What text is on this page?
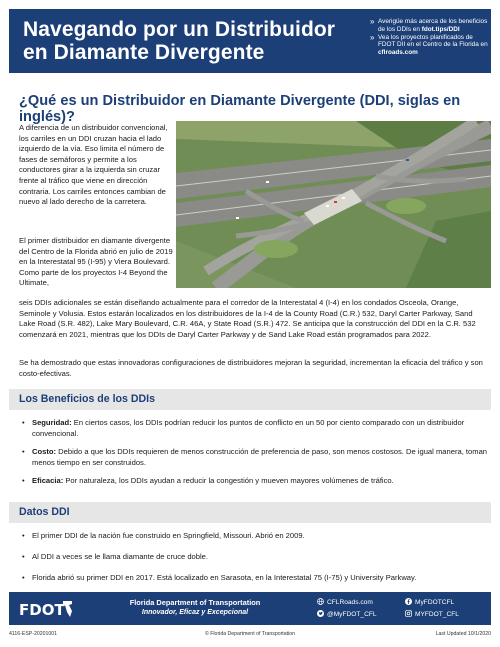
Navegando por un Distribuidor
en Diamante Divergente
» Averigüe más acerca de los beneficios de los DDIs en fdot.tips/DDI
» Vea los proyectos planificados de FDOT DII en el Centro de la Florida en cflroads.com
¿Qué es un Distribuidor en Diamante Divergente (DDI, siglas en inglés)?

A diferencia de un distribuidor convencional, los carriles en un DDI cruzan hacia el lado izquierdo de la vía. Eso limita el número de fases de semáforos y permite a los conductores girar a la izquierda sin cruzar frente al tráfico que viene en dirección contraria. Los carriles entonces cambian de nuevo al lado derecho de la carretera.

El primer distribuidor en diamante divergente del Centro de la Florida abrió en julio de 2019 en la Interestatal 95 (I-95) y Viera Boulevard. Como parte de los proyectos I-4 Beyond the Ultimate,

seis DDIs adicionales se están diseñando actualmente para el corredor de la Interestatal 4 (I-4) en los condados Osceola, Orange, Seminole y Volusia. Estos estarán localizados en los distribuidores de la I-4 de la County Road (C.R.) 532, Daryl Carter Parkway, Sand Lake Road (S.R. 482), Lake Mary Boulevard, C.R. 46A, y State Road (S.R.) 472. Se anticipa que la construcción del DDI en la C.R. 532 comenzará en 2021, mientras que los DDIs de Daryl Carter Parkway y de Sand Lake Road están programados para 2022.

Se ha demostrado que estas innovadoras configuraciones de distribuidores mejoran la seguridad, incrementan la eficacia del tráfico y son costo-efectivas.

Los Beneficios de los DDIs
• Seguridad: En ciertos casos, los DDIs podrían reducir los puntos de conflicto en un 50 por ciento comparado con un distribuidor convencional.
• Costo: Debido a que los DDIs requieren de menos construcción de preferencia de paso, son menos costosos. De igual manera, toman menos tiempo en ser construidos.
• Eficacia: Por naturaleza, los DDIs ayudan a reducir la congestión y mueven mayores volúmenes de tráfico.
Datos DDI
• El primer DDI de la nación fue construido en Springfield, Missouri. Abrió en 2009.
• Al DDI a veces se le llama diamante de cruce doble.
• Florida abrió su primer DDI en 2017. Está localizado en Sarasota, en la Interestatal 75 (I-75) y University Parkway.
FDOT	Florida Department of Transportation
Innovador, Eficaz y Excepcional
CFLRoads.com	MyFDOTCFL
@MyFDOT_CFL	MYFDOT_CFL
4116-ESP-20201001	© Florida Department of Transportation	Last Updated 10/1/2020
